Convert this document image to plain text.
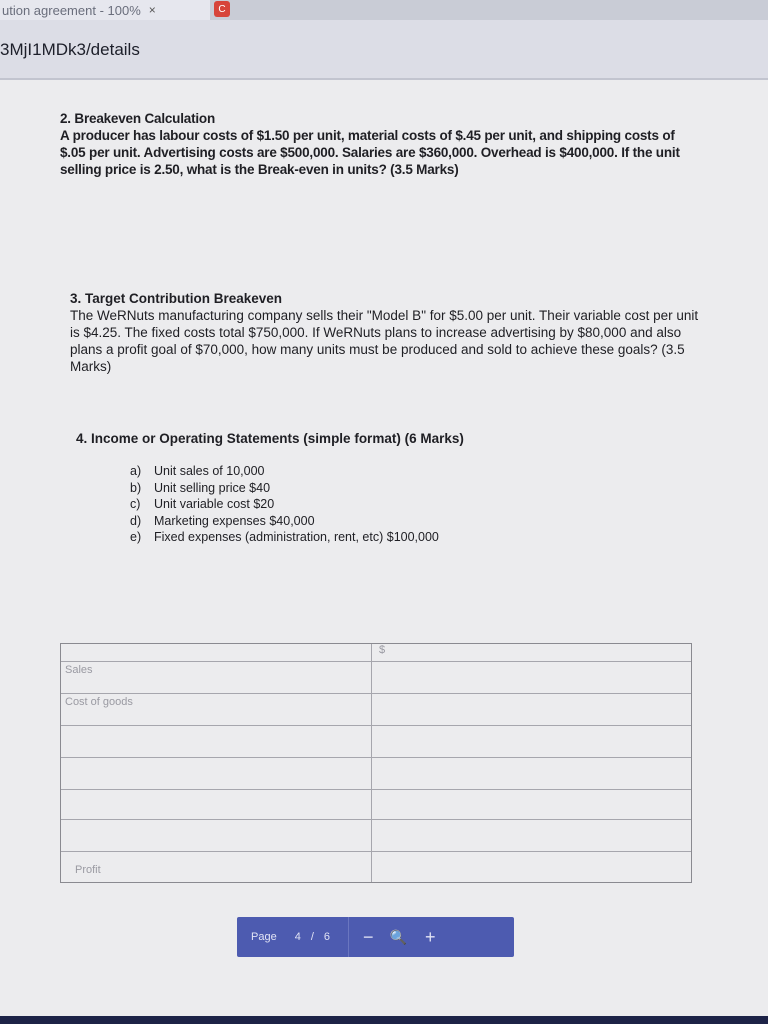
ution agreement - 100% ×	C
3MjI1MDk3/details
2. Breakeven Calculation
A producer has labour costs of $1.50 per unit, material costs of $.45 per unit, and shipping costs of $.05 per unit. Advertising costs are $500,000. Salaries are $360,000. Overhead is $400,000. If the unit selling price is 2.50, what is the Break-even in units? (3.5 Marks)
3. Target Contribution Breakeven
The WeRNuts manufacturing company sells their "Model B" for $5.00 per unit. Their variable cost per unit is $4.25. The fixed costs total $750,000. If WeRNuts plans to increase advertising by $80,000 and also plans a profit goal of $70,000, how many units must be produced and sold to achieve these goals? (3.5 Marks)
4. Income or Operating Statements (simple format) (6 Marks)
a) Unit sales of 10,000
b) Unit selling price $40
c) Unit variable cost $20
d) Marketing expenses $40,000
e) Fixed expenses (administration, rent, etc) $100,000
$
Sales
Cost of goods
Profit
Page 4 / 6 − 🔍 +
